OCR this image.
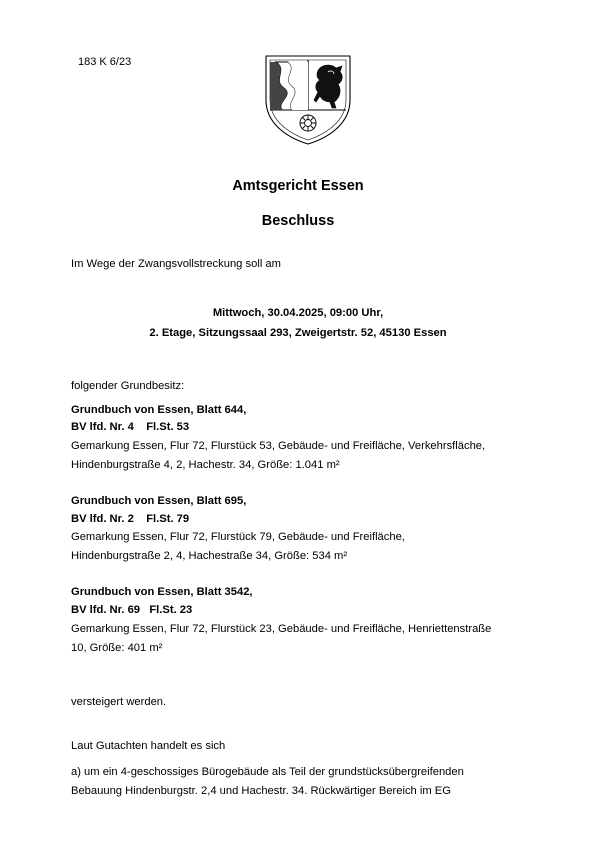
183 K 6/23
Amtsgericht Essen
Beschluss
Im Wege der Zwangsvollstreckung soll am
Mittwoch, 30.04.2025, 09:00 Uhr,
2. Etage, Sitzungssaal 293, Zweigertstr. 52, 45130 Essen
folgender Grundbesitz:
Grundbuch von Essen, Blatt 644,
BV lfd. Nr. 4    Fl.St. 53
Gemarkung Essen, Flur 72, Flurstück 53, Gebäude- und Freifläche, Verkehrsfläche,
Hindenburgstraße 4, 2, Hachestr. 34, Größe: 1.041 m²
Grundbuch von Essen, Blatt 695,
BV lfd. Nr. 2    Fl.St. 79
Gemarkung Essen, Flur 72, Flurstück 79, Gebäude- und Freifläche,
Hindenburgstraße 2, 4, Hachestraße 34, Größe: 534 m²
Grundbuch von Essen, Blatt 3542,
BV lfd. Nr. 69   Fl.St. 23
Gemarkung Essen, Flur 72, Flurstück 23, Gebäude- und Freifläche, Henriettenstraße
10, Größe: 401 m²
versteigert werden.
Laut Gutachten handelt es sich
a) um ein 4-geschossiges Bürogebäude als Teil der grundstücksübergreifenden
Bebauung Hindenburgstr. 2,4 und Hachestr. 34. Rückwärtiger Bereich im EG
